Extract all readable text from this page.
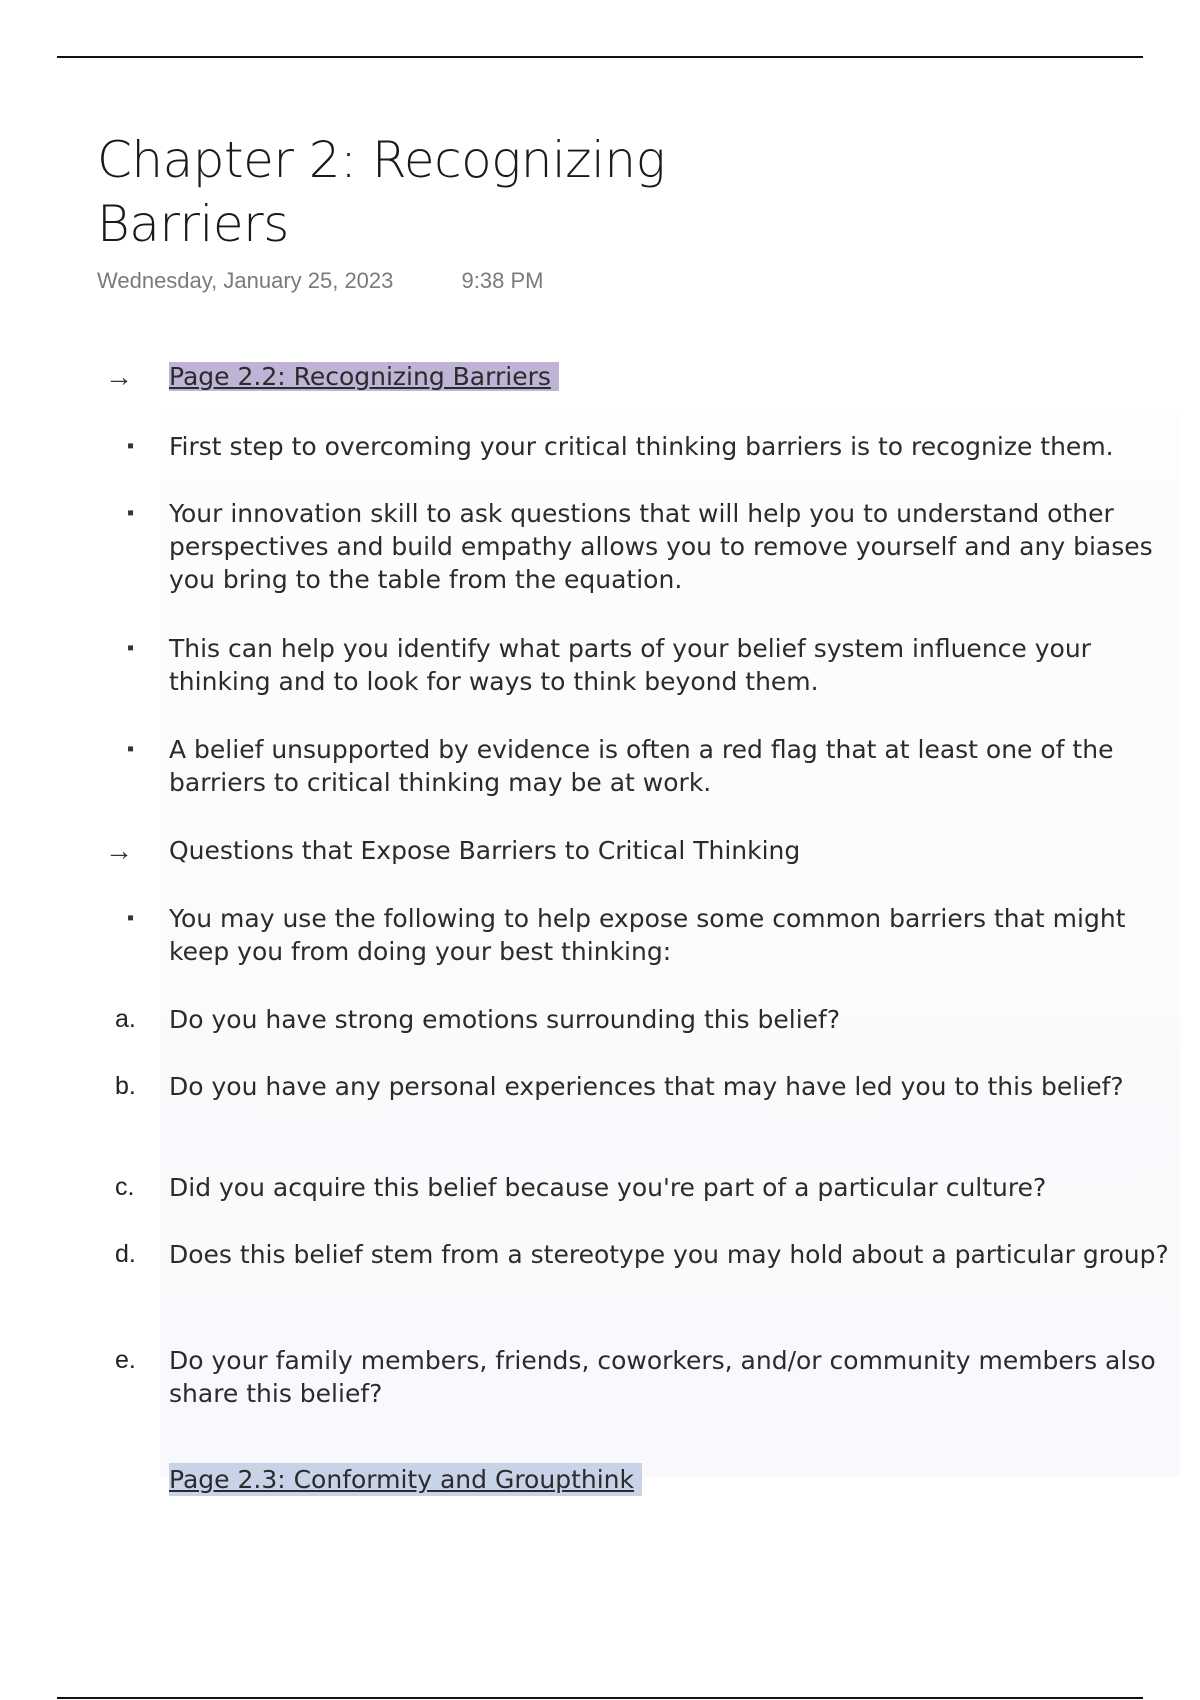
Chapter 2: Recognizing Barriers
Wednesday, January 25, 2023	9:38 PM
→	Page 2.2: Recognizing Barriers
▪	First step to overcoming your critical thinking barriers is to recognize them.
▪	Your innovation skill to ask questions that will help you to understand other perspectives and build empathy allows you to remove yourself and any biases you bring to the table from the equation.
▪	This can help you identify what parts of your belief system influence your thinking and to look for ways to think beyond them.
▪	A belief unsupported by evidence is often a red flag that at least one of the barriers to critical thinking may be at work.
→	Questions that Expose Barriers to Critical Thinking
▪	You may use the following to help expose some common barriers that might keep you from doing your best thinking:
a.	Do you have strong emotions surrounding this belief?
b.	Do you have any personal experiences that may have led you to this belief?
c.	Did you acquire this belief because you're part of a particular culture?
d.	Does this belief stem from a stereotype you may hold about a particular group?
e.	Do your family members, friends, coworkers, and/or community members also share this belief?
Page 2.3: Conformity and Groupthink
